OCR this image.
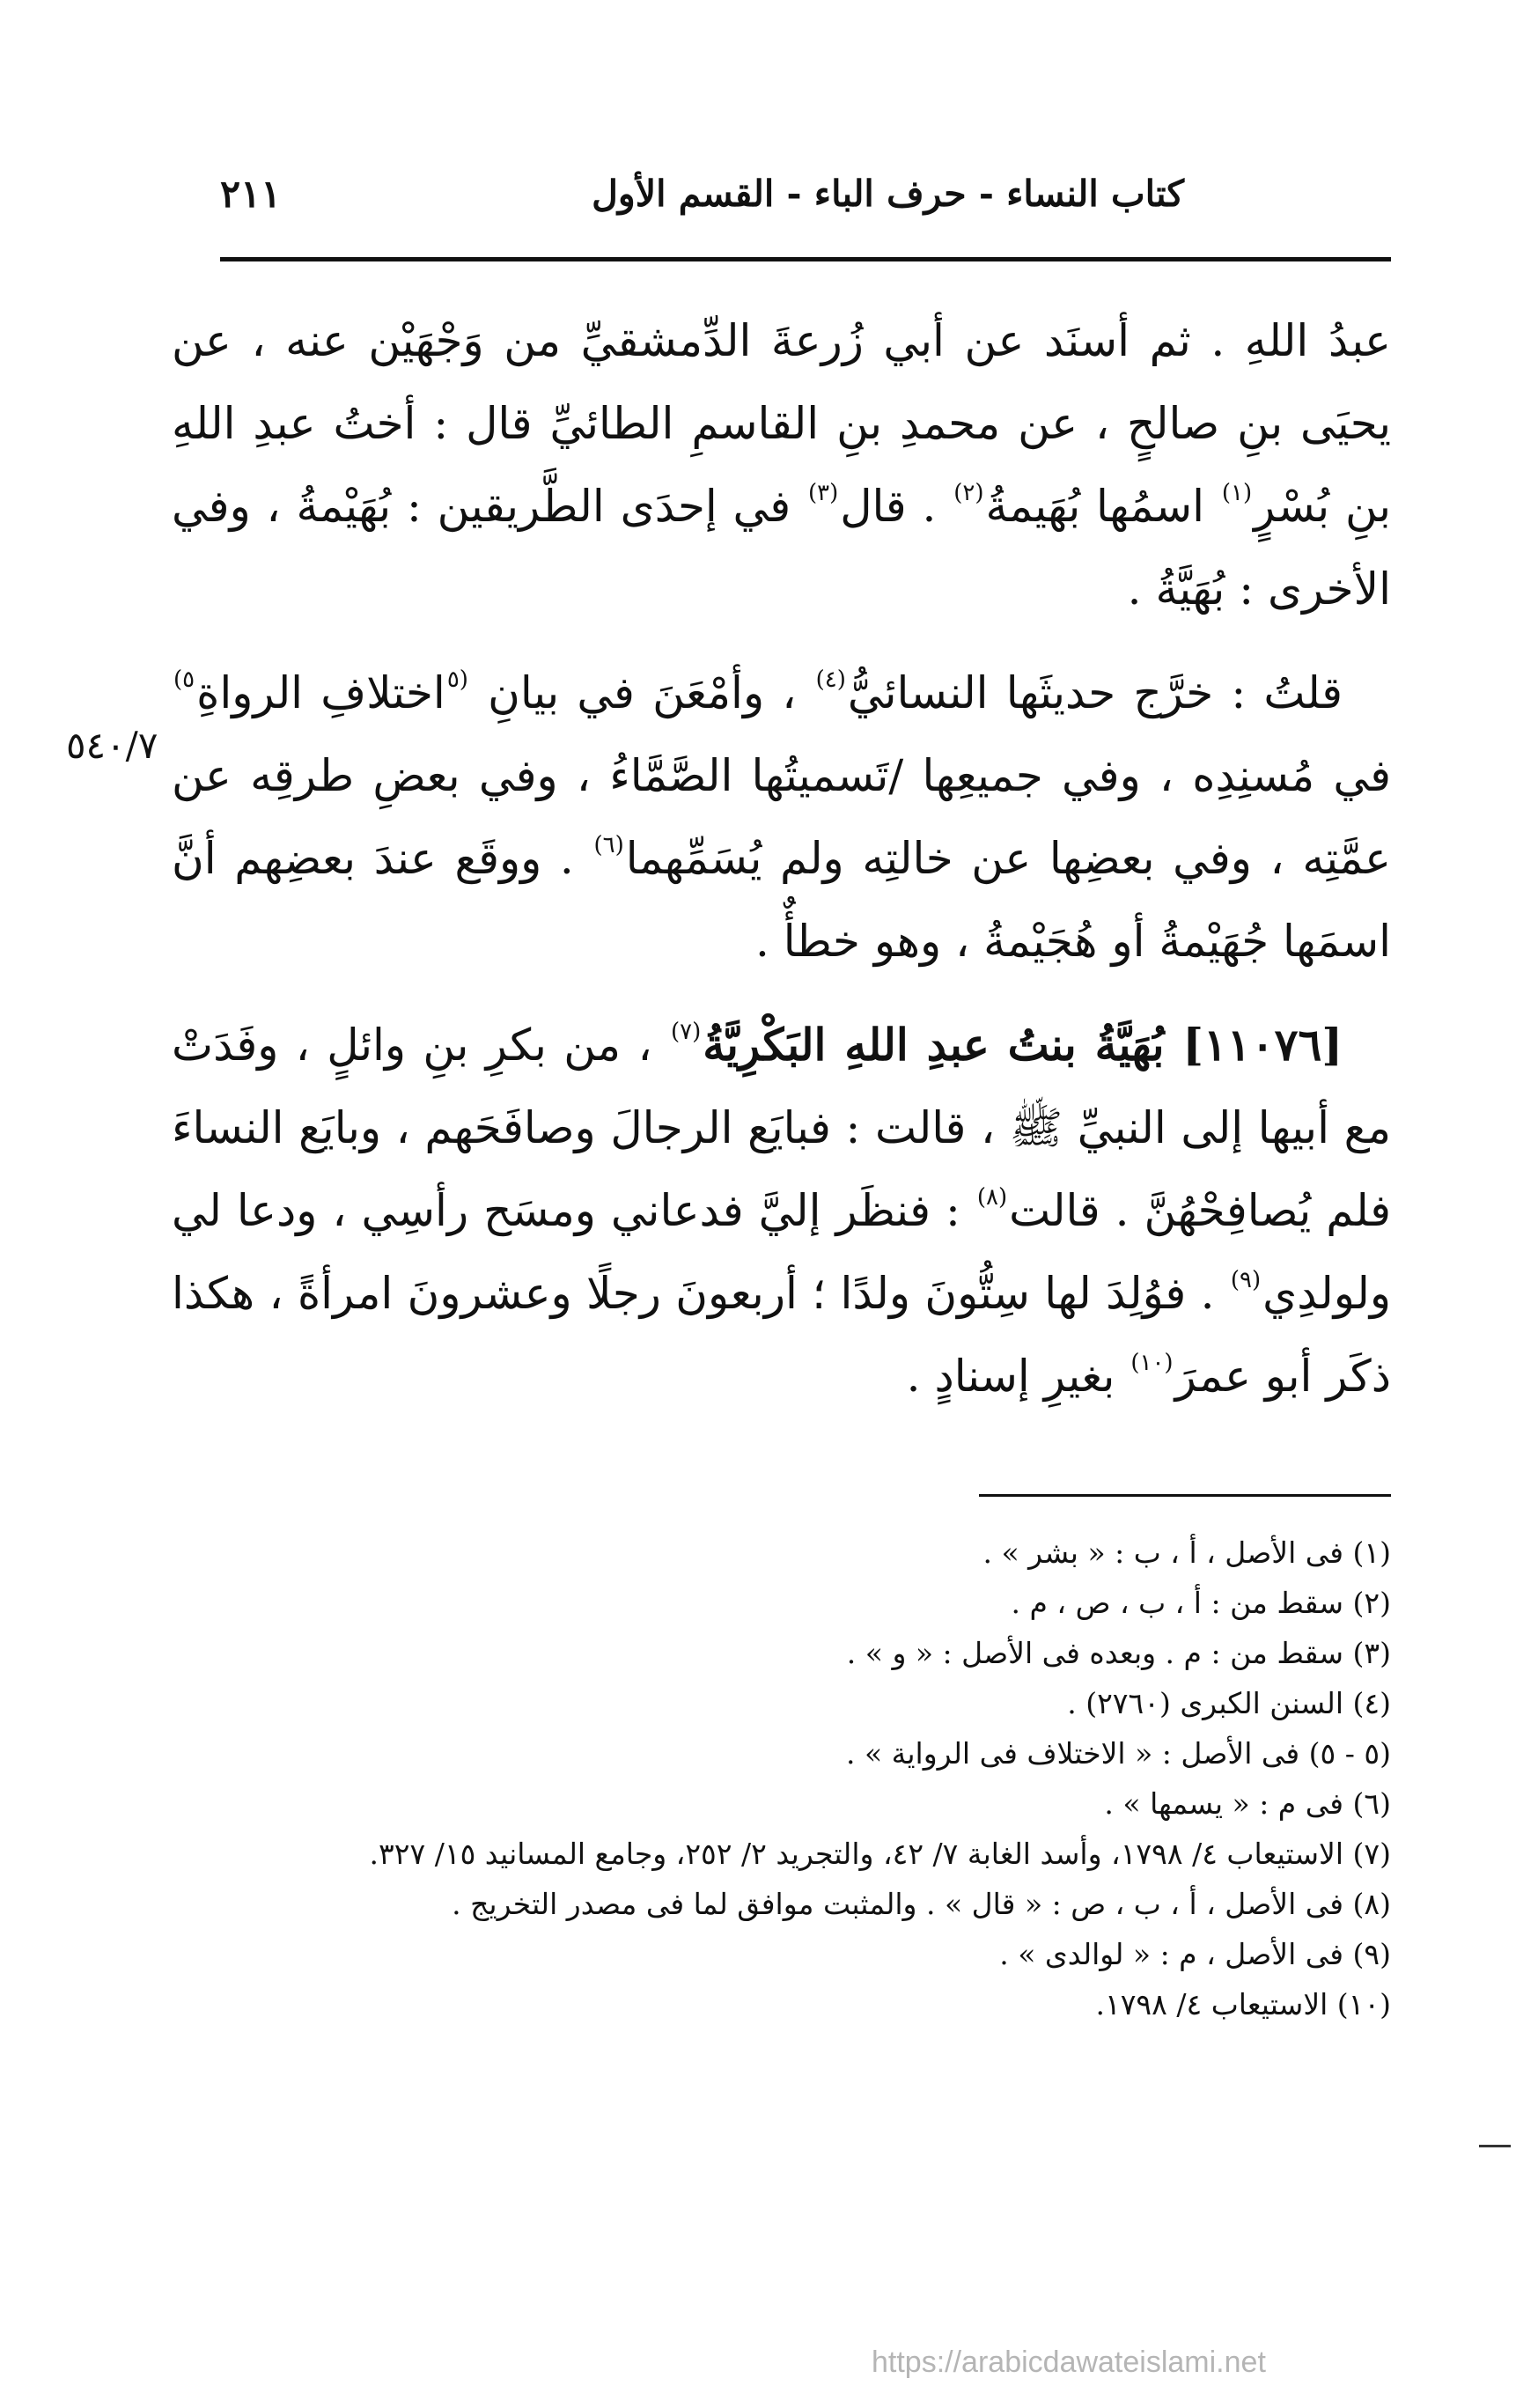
كتاب النساء - حرف الباء - القسم الأول
٢١١
٥٤٠/٧

عبدُ اللهِ . ثم أسنَد عن أبي زُرعةَ الدِّمشقيِّ من وَجْهَيْن عنه ، عن يحيَى بنِ صالحٍ ، عن محمدِ بنِ القاسمِ الطائيِّ قال : أختُ عبدِ اللهِ بنِ بُسْرٍ$^{(١)}$ اسمُها بُهَيمةُ$^{(٢)}$ . قال$^{(٣)}$ في إحدَى الطَّريقين : بُهَيْمةُ ، وفي الأخرى : بُهَيَّةُ .

قلتُ : خرَّج حديثَها النسائيُّ$^{(٤)}$ ، وأمْعَنَ في بيانِ $^{(٥}$اختلافِ الرواةِ$^{٥)}$ في مُسنِدِه ، وفي جميعِها /تَسميتُها الصَّمَّاءُ ، وفي بعضِ طرقِه عن عمَّتِه ، وفي بعضِها عن خالتِه ولم يُسَمِّهما$^{(٦)}$ . ووقَع عندَ بعضِهم أنَّ اسمَها جُهَيْمةُ أو هُجَيْمةُ ، وهو خطأٌ .

[١١٠٧٦] بُهَيَّةُ بنتُ عبدِ اللهِ البَكْرِيَّةُ$^{(٧)}$ ، من بكرِ بنِ وائلٍ ، وفَدَتْ مع أبيها إلى النبيِّ ﷺ ، قالت : فبايَع الرجالَ وصافَحَهم ، وبايَع النساءَ فلم يُصافِحْهُنَّ . قالت$^{(٨)}$ : فنظَر إليَّ فدعاني ومسَح رأسِي ، ودعا لي ولولدِي$^{(٩)}$ . فوُلِدَ لها سِتُّونَ ولدًا ؛ أربعونَ رجلًا وعشرونَ امرأةً ، هكذا ذكَر أبو عمرَ$^{(١٠)}$ بغيرِ إسنادٍ .

(١) فى الأصل ، أ ، ب : « بشر » .

(٢) سقط من : أ ، ب ، ص ، م .

(٣) سقط من : م . وبعده فى الأصل : « و » .

(٤) السنن الكبرى (٢٧٦٠) .

(٥ - ٥) فى الأصل : « الاختلاف فى الرواية » .

(٦) فى م : « يسمها » .

(٧) الاستيعاب ٤/ ١٧٩٨، وأسد الغابة ٧/ ٤٢، والتجريد ٢/ ٢٥٢، وجامع المسانيد ١٥/ ٣٢٧.

(٨) فى الأصل ، أ ، ب ، ص : « قال » . والمثبت موافق لما فى مصدر التخريج .

(٩) فى الأصل ، م : « لوالدى » .

(١٠) الاستيعاب ٤/ ١٧٩٨.

https://arabicdawateislami.net
